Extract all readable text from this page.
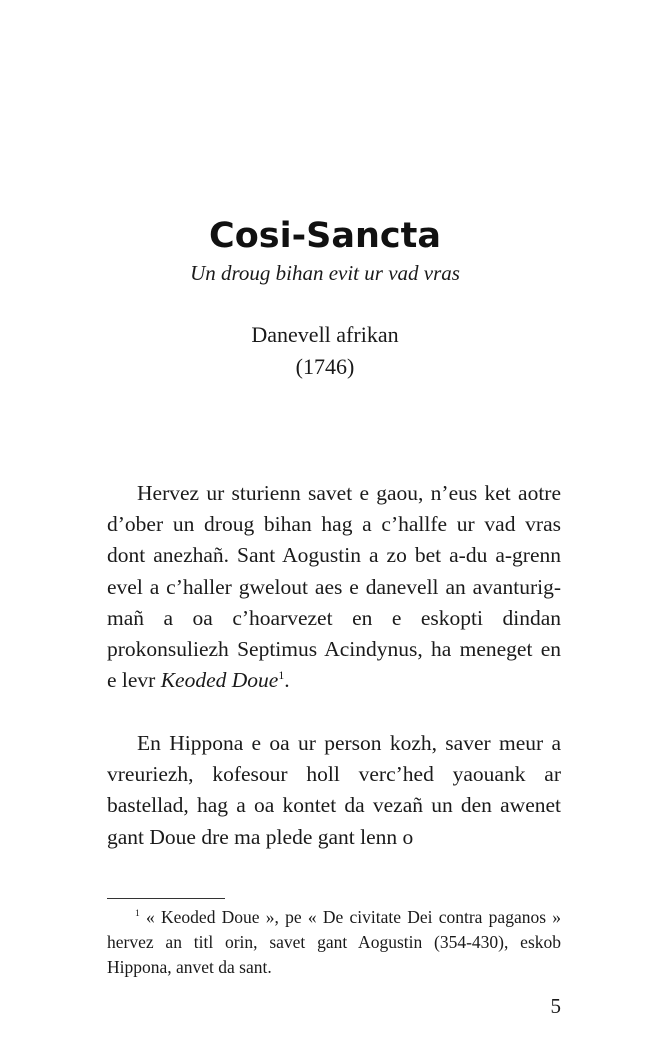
Cosi-Sancta

Un droug bihan evit ur vad vras

Danevell afrikan

(1746)

Hervez ur sturienn savet e gaou, n’eus ket aotre d’ober un droug bihan hag a c’hallfe ur vad vras dont anezhañ. Sant Aogustin a zo bet a-du a-grenn evel a c’haller gwelout aes e danevell an avanturig-mañ a oa c’hoarvezet en e eskopti dindan prokonsuliezh Septimus Acindynus, ha meneget en e levr Keoded Doue$^1$.

En Hippona e oa ur person kozh, saver meur a vreuriezh, kofesour holl verc’hed yaouank ar bastellad, hag a oa kontet da vezañ un den awenet gant Doue dre ma plede gant lenn o

$^1$ « Keoded Doue », pe « De civitate Dei contra paganos » hervez an titl orin, savet gant Aogustin (354-430), eskob Hippona, anvet da sant.

5
